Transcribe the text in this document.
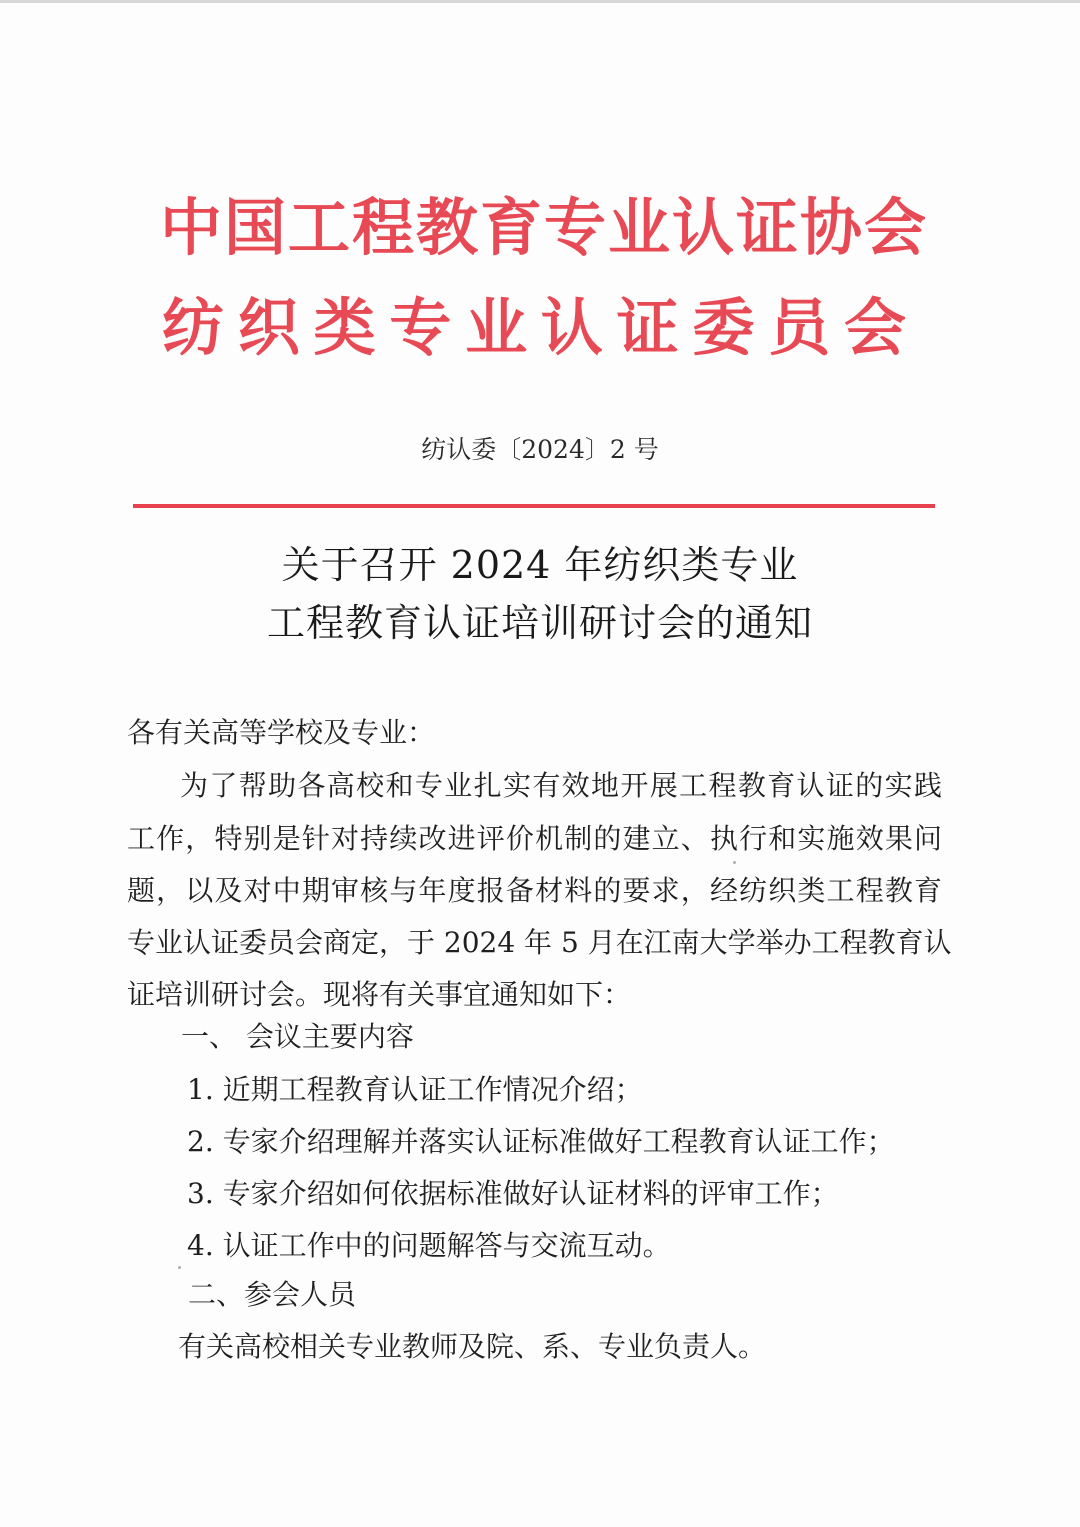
中国工程教育专业认证协会
纺织类专业认证委员会
纺认委〔2024〕2 号
关于召开 2024 年纺织类专业
工程教育认证培训研讨会的通知
各有关高等学校及专业：
为了帮助各高校和专业扎实有效地开展工程教育认证的实践
工作，特别是针对持续改进评价机制的建立、执行和实施效果问
题，以及对中期审核与年度报备材料的要求，经纺织类工程教育
专业认证委员会商定，于 2024 年 5 月在江南大学举办工程教育认
证培训研讨会。现将有关事宜通知如下：
一、 会议主要内容
1. 近期工程教育认证工作情况介绍；
2. 专家介绍理解并落实认证标准做好工程教育认证工作；
3. 专家介绍如何依据标准做好认证材料的评审工作；
4. 认证工作中的问题解答与交流互动。
二、参会人员
有关高校相关专业教师及院、系、专业负责人。
